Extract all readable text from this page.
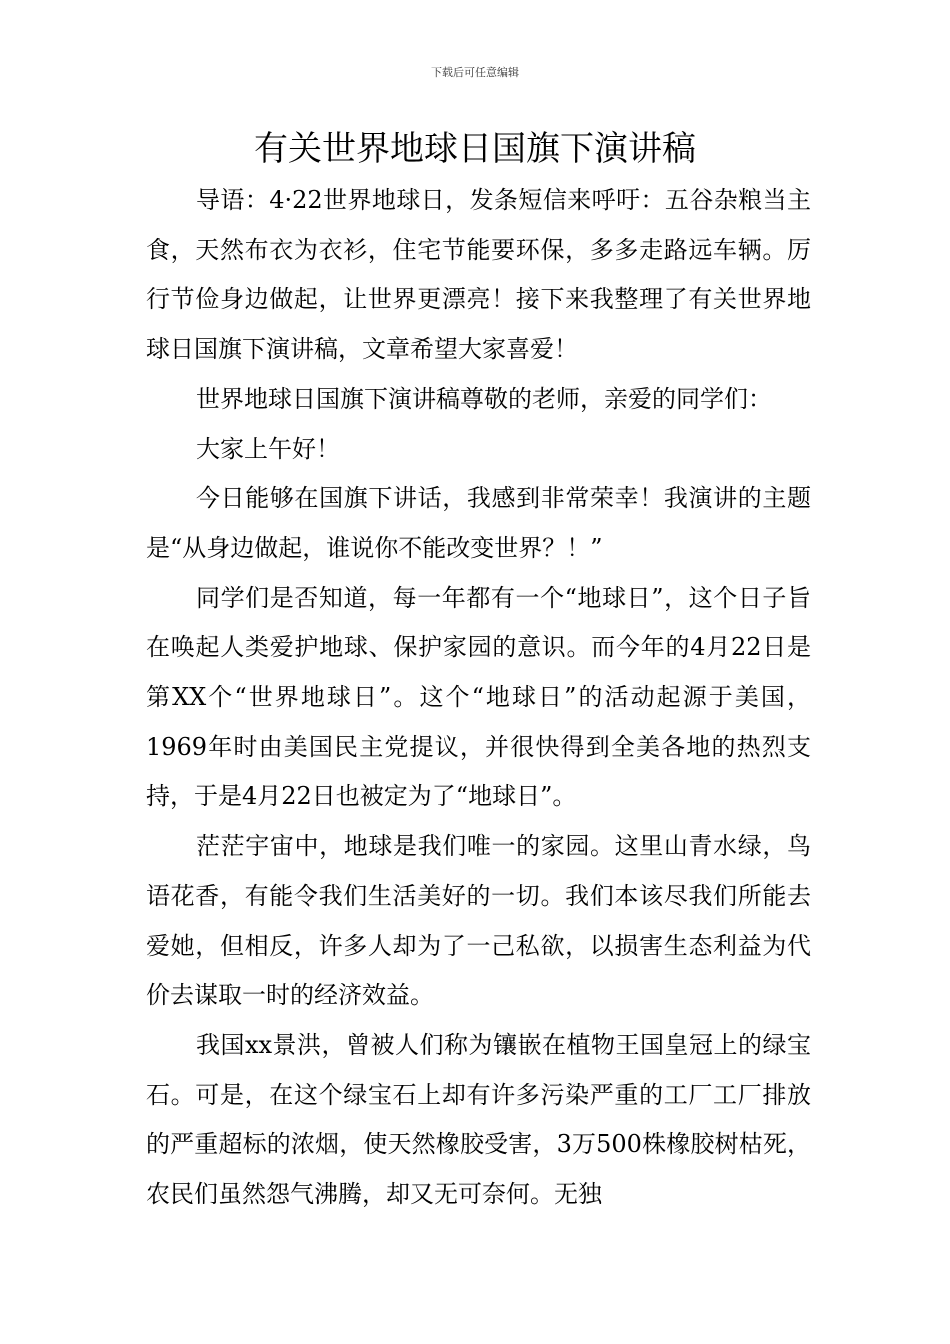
下载后可任意编辑
有关世界地球日国旗下演讲稿

导语：4·22世界地球日，发条短信来呼吁：五谷杂粮当主食，天然布衣为衣衫，住宅节能要环保，多多走路远车辆。厉行节俭身边做起，让世界更漂亮！接下来我整理了有关世界地球日国旗下演讲稿，文章希望大家喜爱！

世界地球日国旗下演讲稿尊敬的老师，亲爱的同学们：

大家上午好！

今日能够在国旗下讲话，我感到非常荣幸！我演讲的主题是“从身边做起，谁说你不能改变世界？！”

同学们是否知道，每一年都有一个“地球日”，这个日子旨在唤起人类爱护地球、保护家园的意识。而今年的4月22日是第XX个“世界地球日”。这个“地球日”的活动起源于美国，1969年时由美国民主党提议，并很快得到全美各地的热烈支持，于是4月22日也被定为了“地球日”。

茫茫宇宙中，地球是我们唯一的家园。这里山青水绿，鸟语花香，有能令我们生活美好的一切。我们本该尽我们所能去爱她，但相反，许多人却为了一己私欲，以损害生态利益为代价去谋取一时的经济效益。

我国xx景洪，曾被人们称为镶嵌在植物王国皇冠上的绿宝石。可是，在这个绿宝石上却有许多污染严重的工厂工厂排放的严重超标的浓烟，使天然橡胶受害，3万500株橡胶树枯死，农民们虽然怨气沸腾，却又无可奈何。无独
